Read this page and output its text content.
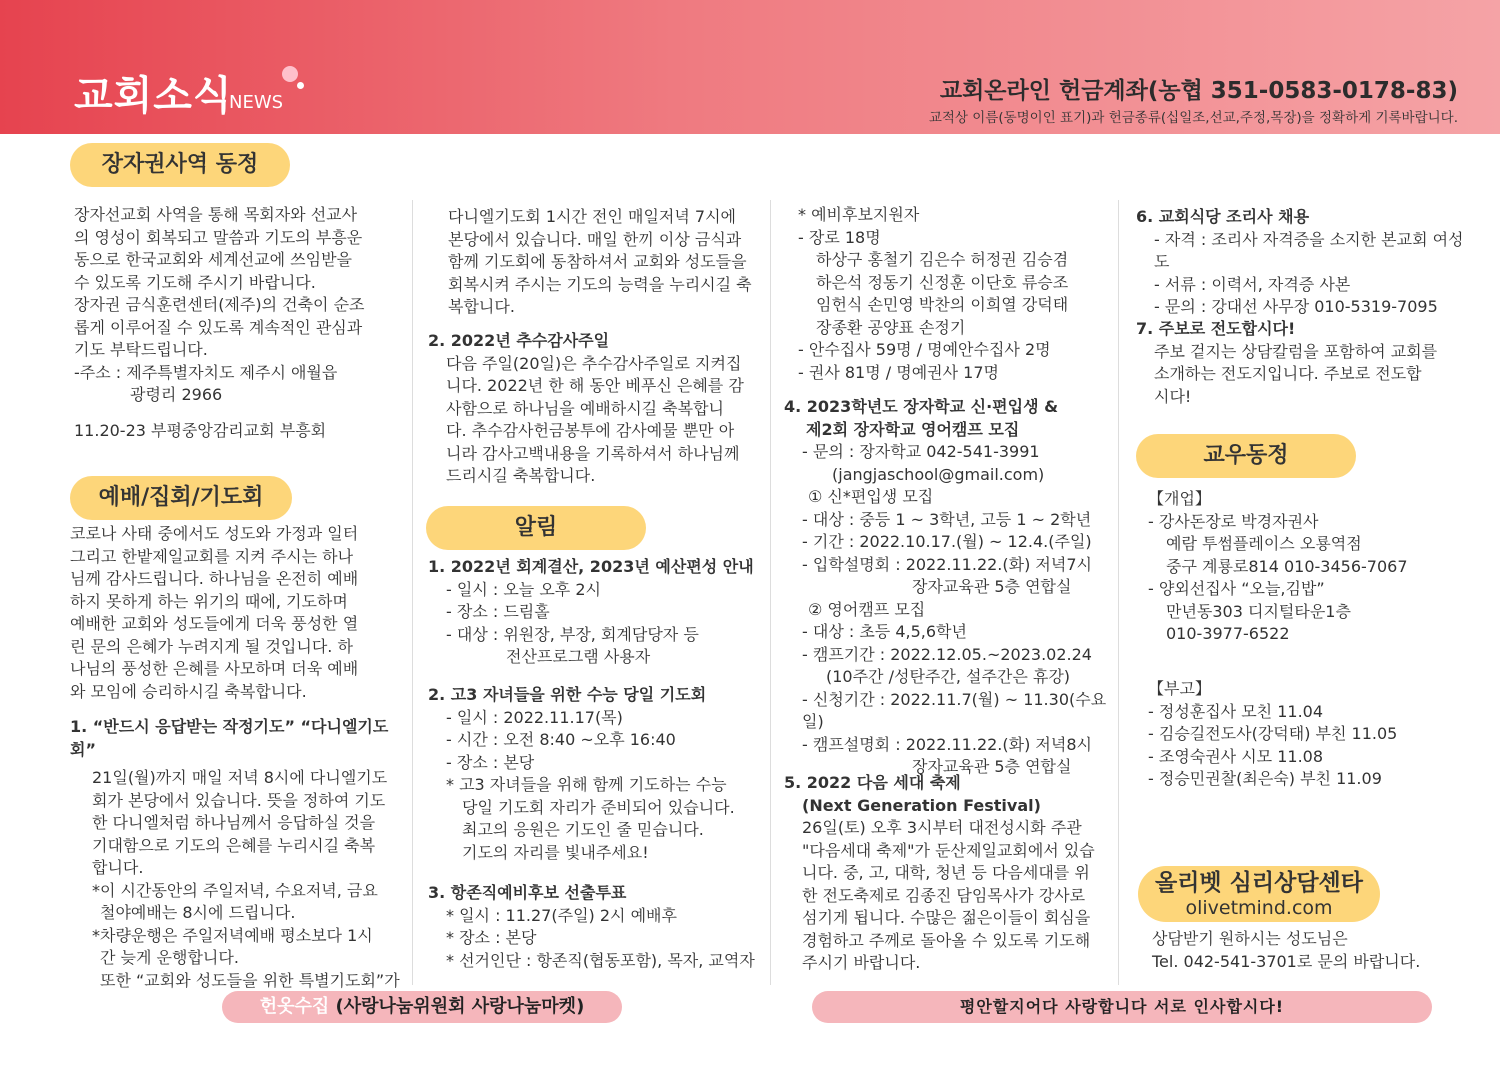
교회소식
NEWS	교회온라인 헌금계좌(농협 351-0583-0178-83)
교적상 이름(동명이인 표기)과 헌금종류(십일조,선교,주정,목장)을 정확하게 기록바랍니다.
장자권사역 동정

장자선교회 사역을 통해 목회자와 선교사

의 영성이 회복되고 말씀과 기도의 부흥운

동으로 한국교회와 세계선교에 쓰임받을

수 있도록 기도해 주시기 바랍니다.

장자권 금식훈련센터(제주)의 건축이 순조

롭게 이루어질 수 있도록 계속적인 관심과

기도 부탁드립니다.

-주소 : 제주특별자치도 제주시 애월읍

광령리 2966

11.20-23 부평중앙감리교회 부흥회
예배/집회/기도회

코로나 사태 중에서도 성도와 가정과 일터

그리고 한밭제일교회를 지켜 주시는 하나

님께 감사드립니다. 하나님을 온전히 예배

하지 못하게 하는 위기의 때에, 기도하며

예배한 교회와 성도들에게 더욱 풍성한 열

린 문의 은혜가 누려지게 될 것입니다. 하

나님의 풍성한 은혜를 사모하며 더욱 예배

와 모임에 승리하시길 축복합니다.

1. “반드시 응답받는 작정기도” “다니엘기도회”

21일(월)까지 매일 저녁 8시에 다니엘기도

회가 본당에서 있습니다. 뜻을 정하여 기도

한 다니엘처럼 하나님께서 응답하실 것을

기대함으로 기도의 은혜를 누리시길 축복

합니다.

*이 시간동안의 주일저녁, 수요저녁, 금요

철야예배는 8시에 드립니다.

*차량운행은 주일저녁예배 평소보다 1시

간 늦게 운행합니다.

또한 “교회와 성도들을 위한 특별기도회”가

다니엘기도회 1시간 전인 매일저녁 7시에

본당에서 있습니다. 매일 한끼 이상 금식과

함께 기도회에 동참하셔서 교회와 성도들을

회복시켜 주시는 기도의 능력을 누리시길 축

복합니다.

2. 2022년 추수감사주일

다음 주일(20일)은 추수감사주일로 지켜집

니다. 2022년 한 해 동안 베푸신 은혜를 감

사함으로 하나님을 예배하시길 축복합니

다. 추수감사헌금봉투에 감사예물 뿐만 아

니라 감사고백내용을 기록하셔서 하나님께

드리시길 축복합니다.

알림

1. 2022년 회계결산, 2023년 예산편성 안내

- 일시 : 오늘 오후 2시

- 장소 : 드림홀

- 대상 : 위원장, 부장, 회계담당자 등

전산프로그램 사용자

2. 고3 자녀들을 위한 수능 당일 기도회

- 일시 : 2022.11.17(목)

- 시간 : 오전 8:40 ~오후 16:40

- 장소 : 본당

* 고3 자녀들을 위해 함께 기도하는 수능

당일 기도회 자리가 준비되어 있습니다.

최고의 응원은 기도인 줄 믿습니다.

기도의 자리를 빛내주세요!

3. 항존직예비후보 선출투표

* 일시 : 11.27(주일) 2시 예배후

* 장소 : 본당

* 선거인단 : 항존직(협동포함), 목자, 교역자

* 예비후보지원자

- 장로 18명

하상구 홍철기 김은수 허정권 김승겸

하은석 정동기 신정훈 이단호 류승조

임헌식 손민영 박찬의 이희열 강덕태

장종환 공양표 손정기

- 안수집사 59명 / 명예안수집사 2명

- 권사 81명 / 명예권사 17명

4. 2023학년도 장자학교 신·편입생 &

제2회 장자학교 영어캠프 모집

- 문의 : 장자학교 042-541-3991

(jangjaschool@gmail.com)

① 신*편입생 모집

- 대상 : 중등 1 ~ 3학년, 고등 1 ~ 2학년

- 기간 : 2022.10.17.(월) ~ 12.4.(주일)

- 입학설명회 : 2022.11.22.(화) 저녁7시

장자교육관 5층 연합실

② 영어캠프 모집

- 대상 : 초등 4,5,6학년

- 캠프기간 : 2022.12.05.~2023.02.24

(10주간 /성탄주간, 설주간은 휴강)

- 신청기간 : 2022.11.7(월) ~ 11.30(수요일)

- 캠프설명회 : 2022.11.22.(화) 저녁8시

장자교육관 5층 연합실

5. 2022 다음 세대 축제

(Next Generation Festival)

26일(토) 오후 3시부터 대전성시화 주관

"다음세대 축제"가 둔산제일교회에서 있습

니다. 중, 고, 대학, 청년 등 다음세대를 위

한 전도축제로 김종진 담임목사가 강사로

섬기게 됩니다. 수많은 젊은이들이 회심을

경험하고 주께로 돌아올 수 있도록 기도해

주시기 바랍니다.

6. 교회식당 조리사 채용

- 자격 : 조리사 자격증을 소지한 본교회 여성도

- 서류 : 이력서, 자격증 사본

- 문의 : 강대선 사무장 010-5319-7095

7. 주보로 전도합시다!

주보 겉지는 상담칼럼을 포함하여 교회를

소개하는 전도지입니다. 주보로 전도합

시다!

교우동정

【개업】

- 강사돈장로 박경자권사

예람 투썸플레이스 오룡역점

중구 계룡로814 010-3456-7067

- 양외선집사 “오늘,김밥”

만년동303 디지털타운1층

010-3977-6522

【부고】

- 정성훈집사 모친 11.04

- 김승길전도사(강덕태) 부친 11.05

- 조영숙권사 시모 11.08

- 정승민권찰(최은숙) 부친 11.09

올리벳 심리상담센타
olivetmind.com

상담받기 원하시는 성도님은

Tel. 042-541-3701로 문의 바랍니다.

헌옷수집 (사랑나눔위원회 사랑나눔마켓)	평안할지어다 사랑합니다 서로 인사합시다!
